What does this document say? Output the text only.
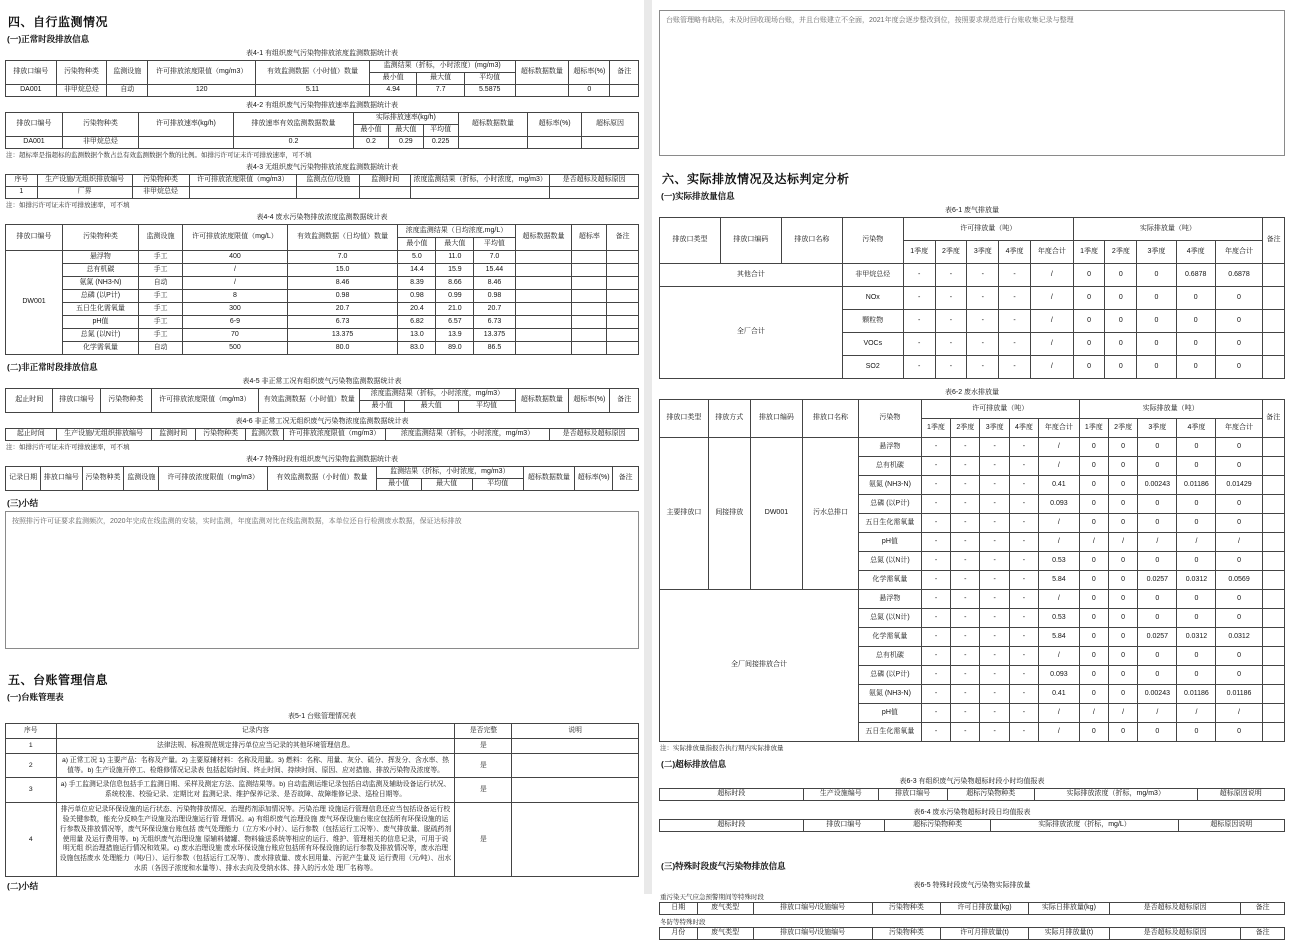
四、自行监测情况
(一)正常时段排放信息
表4-1 有组织废气污染物排放浓度监测数据统计表
排放口编号	污染物种类	监测设施	许可排放浓度限值（mg/m3）	有效监测数据（小时值）数量	监测结果（折标，小时浓度）(mg/m3)			超标数据数量	超标率(%)	备注
					最小值	最大值	平均值			
DA001	非甲烷总烃	自动	120	5.11	4.94	7.7	5.5875		0	
表4-2 有组织废气污染物排放速率监测数据统计表
排放口编号	污染物种类	许可排放速率(kg/h)	排放速率有效监测数据数量	实际排放速率(kg/h)			超标数据数量	超标率(%)	超标原因
				最小值	最大值	平均值			
DA001	非甲烷总烃		0.2	0.2	0.29	0.225			
注：超标率是指超标的监测数据个数占总有效监测数据个数的比例。如排污许可证未许可排放速率，可不填
表4-3 无组织废气污染物排放浓度监测数据统计表
序号	生产设施/无组织排放编号	污染物种类	许可排放浓度限值（mg/m3）	监测点位/设施	监测时间	浓度监测结果（折标，小时浓度，mg/m3）	是否超标及超标原因
1	厂界	非甲烷总烃					
注：如排污许可证未许可排放速率，可不填
表4-4 废水污染物排放浓度监测数据统计表
排放口编号	污染物种类	监测设施	许可排放浓度限值（mg/L）	有效监测数据（日均值）数量	浓度监测结果（日均浓度,mg/L）			超标数据数量	超标率	备注
					最小值	最大值	平均值			
DW001	悬浮物	手工	400	7.0	5.0	11.0	7.0			
	总有机碳	手工	/	15.0	14.4	15.9	15.44			
	氨氮 (NH3-N)	自动	/	8.46	8.39	8.66	8.46			
	总磷 (以P计)	手工	8	0.98	0.98	0.99	0.98			
	五日生化需氧量	手工	300	20.7	20.4	21.0	20.7			
	pH值	手工	6-9	6.73	6.82	6.57	6.73			
	总氮 (以N计)	手工	70	13.375	13.0	13.9	13.375			
	化学需氧量	自动	500	80.0	83.0	89.0	86.5			
(二)非正常时段排放信息
表4-5 非正常工况有组织废气污染物监测数据统计表
起止时间	排放口编号	污染物种类	许可排放浓度限值（mg/m3）	有效监测数据（小时值）数量	浓度监测结果（折标，小时浓度，mg/m3）			超标数据数量	超标率(%)	备注
					最小值	最大值	平均值			
表4-6 非正常工况无组织废气污染物浓度监测数据统计表
起止时间	生产设施/无组织排放编号	监测时间	污染物种类	监测次数	许可排放浓度限值（mg/m3）	浓度监测结果（折标，小时浓度，mg/m3）	是否超标及超标原因
注：如排污许可证未许可排放速率，可不填
表4-7 特殊时段有组织废气污染物监测数据统计表
记录日期	排放口编号	污染物种类	监测设施	许可排放浓度限值（mg/m3）	有效监测数据（小时值）数量	监测结果（折标，小时浓度，mg/m3）			超标数据数量	超标率(%)	备注
						最小值	最大值	平均值			
(三)小结
按照排污许可证要求监测频次，2020年完成在线监测的安装，实时监测，年度监测对比在线监测数据，本单位还自行检测废水数据，保证达标排放
五、台账管理信息
(一)台账管理表
表5-1 台账管理情况表
序号	记录内容	是否完整	说明
1	法律法规、标准规范规定排污单位应当记录的其他环境管理信息。	是	
2	a) 正常工况 1) 主要产品：名称及产量。2) 主要原辅材料：名称及用量。3) 燃料：名称、用量、灰分、硫分、挥发分、含水率、热值等。b) 生产设施开停工、检维修情况记录表 包括起始时间、终止时间、持续时间、原因、应对措施、排放污染物及浓度等。	是	
3	a) 手工监测记录信息包括手工监测日期、采样及测定方法、监测结果等。b) 自动监测运维记录包括自动监测及辅助设备运行状况、系统校准、校验记录、定期比对 监测记录、维护保养记录、是否故障、故障维修记录、巡检日期等。	是	
4	排污单位应记录环保设施的运行状态、污染物排放情况、治理药剂添加情况等。污染治理 设施运行管理信息还应当包括设备运行校验关键参数，能充分反映生产设施及治理设施运行管 理情况。a) 有组织废气治理设施 废气环保设施台账应包括所有环保设施的运行参数及排放情况等，废气环保设施台账包括 废气处理能力（立方米/小时）、运行参数（包括运行工况等）、废气排放量、脱硫药剂使用量 及运行费用等。b) 无组织废气治理设施 原辅料储罐、物料输送系统等相应的运行、维护、管理相关的信息记录，可用于说明无组 织治理措施运行情况和效果。c) 废水治理设施 废水环保设施台账应包括所有环保设施的运行参数及排放情况等，废水治理设施包括废水 处理能力（吨/日）、运行参数（包括运行工况等）、废水排放量、废水回用量、污泥产生量及 运行费用（元/吨）、出水水质（各因子浓度和水量等）、排水去向及受纳水体、排入的污水处 理厂名称等。	是	
(二)小结
台账管理略有缺陷，未及时回收现场台账，并且台账建立不全面，2021年度会逐步整改到位，按照要求规范进行台账收集记录与整理
六、实际排放情况及达标判定分析
(一)实际排放量信息
表6-1 废气排放量
排放口类型	排放口编码	排放口名称	污染物	许可排放量（吨）					实际排放量（吨）					备注
				1季度	2季度	3季度	4季度	年度合计	1季度	2季度	3季度	4季度	年度合计	
其他合计			非甲烷总烃	-	-	-	-	/	0	0	0	0.6878	0.6878	
全厂合计			NOx	-	-	-	-	/	0	0	0	0	0	
			颗粒物	-	-	-	-	/	0	0	0	0	0	
			VOCs	-	-	-	-	/	0	0	0	0	0	
			SO2	-	-	-	-	/	0	0	0	0	0	
表6-2 废水排放量
排放口类型	排放方式	排放口编码	排放口名称	污染物	许可排放量（吨）					实际排放量（吨）					备注
					1季度	2季度	3季度	4季度	年度合计	1季度	2季度	3季度	4季度	年度合计	
主要排放口	间接排放	DW001	污水总排口	悬浮物	-	-	-	-	/	0	0	0	0	0	
				总有机碳	-	-	-	-	/	0	0	0	0	0	
				氨氮 (NH3-N)	-	-	-	-	0.41	0	0	0.00243	0.01186	0.01429	
				总磷 (以P计)	-	-	-	-	0.093	0	0	0	0	0	
				五日生化需氧量	-	-	-	-	/	0	0	0	0	0	
				pH值	-	-	-	-	/	/	/	/	/	/	
				总氮 (以N计)	-	-	-	-	0.53	0	0	0	0	0	
				化学需氧量	-	-	-	-	5.84	0	0	0.0257	0.0312	0.0569	
全厂间接排放合计				悬浮物	-	-	-	-	/	0	0	0	0	0	
				总氮 (以N计)	-	-	-	-	0.53	0	0	0	0	0	
				化学需氧量	-	-	-	-	5.84	0	0	0.0257	0.0312	0.0312	
				总有机碳	-	-	-	-	/	0	0	0	0	0	
				总磷 (以P计)	-	-	-	-	0.093	0	0	0	0	0	
				氨氮 (NH3-N)	-	-	-	-	0.41	0	0	0.00243	0.01186	0.01186	
				pH值	-	-	-	-	/	/	/	/	/	/	
				五日生化需氧量	-	-	-	-	/	0	0	0	0	0	
注：实际排放量指报告执行期内实际排放量
(二)超标排放信息
表6-3 有组织废气污染物超标时段小时均值报表
超标时段	生产设施编号	排放口编号	超标污染物种类	实际排放浓度（折标，mg/m3）	超标原因说明
表6-4 废水污染物超标时段日均值报表
超标时段	排放口编号	超标污染物种类	实际排放浓度（折标，mg/L）	超标原因说明
(三)特殊时段废气污染物排放信息
表6-5 特殊时段废气污染物实际排放量
重污染天气应急预警期间等特殊时段
日期	废气类型	排放口编号/设施编号	污染物种类	许可日排放量(kg)	实际日排放量(kg)	是否超标及超标原因	备注
冬防等特殊时段
月份	废气类型	排放口编号/设施编号	污染物种类	许可月排放量(t)	实际月排放量(t)	是否超标及超标原因	备注
